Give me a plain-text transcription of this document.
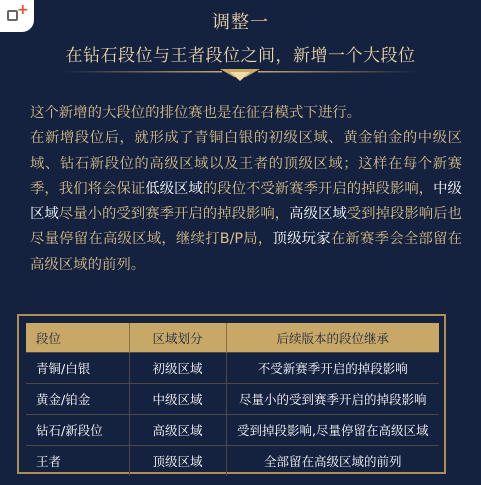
+
调整一
在钻石段位与王者段位之间，新增一个大段位
这个新增的大段位的排位赛也是在征召模式下进行。
在新增段位后，就形成了青铜白银的初级区域、黄金铂金的中级区域、钻石新段位的高级区域以及王者的顶级区域；这样在每个新赛季，我们将会保证低级区域的段位不受新赛季开启的掉段影响，中级区域尽量小的受到赛季开启的掉段影响，高级区域受到掉段影响后也尽量停留在高级区域，继续打B/P局，顶级玩家在新赛季会全部留在高级区域的前列。
段位	区域划分	后续版本的段位继承
青铜/白银	初级区域	不受新赛季开启的掉段影响
黄金/铂金	中级区域	尽量小的受到赛季开启的掉段影响
钻石/新段位	高级区域	受到掉段影响,尽量停留在高级区域
王者	顶级区域	全部留在高级区域的前列
